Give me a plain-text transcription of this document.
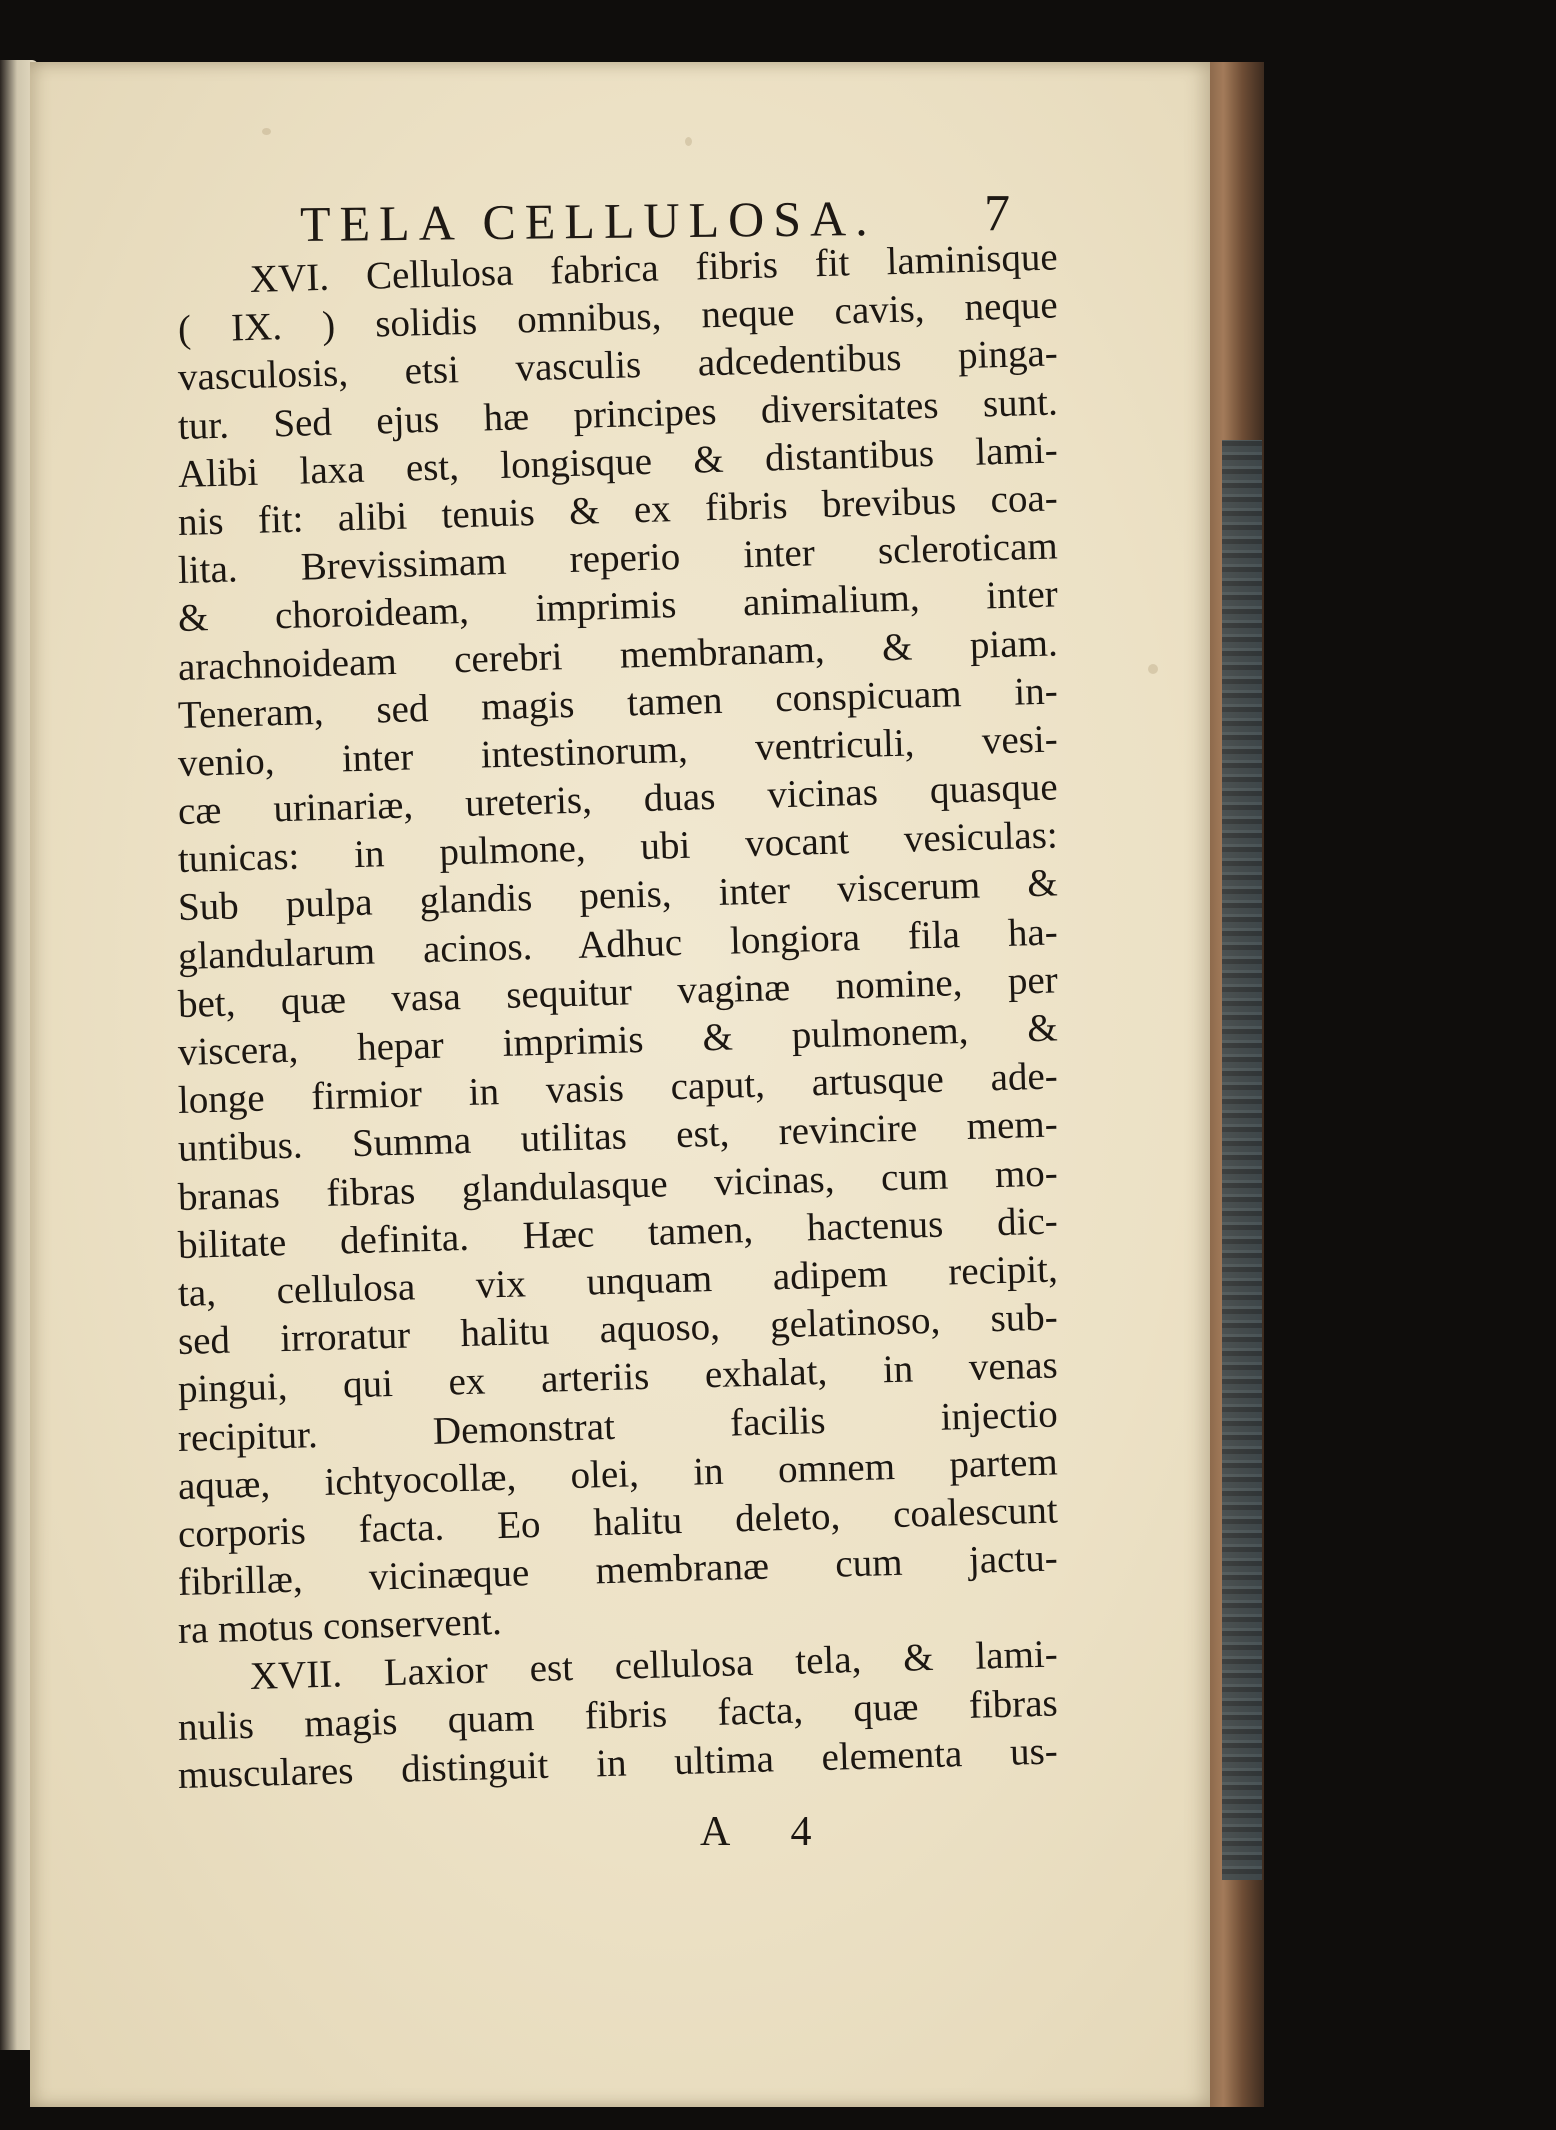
TELA CELLULOSA. 7
XVI. Cellulosa fabrica fibris fit laminisque
( IX. ) solidis omnibus, neque cavis, neque
vasculosis, etsi vasculis adcedentibus pinga-
tur. Sed ejus hæ principes diversitates sunt.
Alibi laxa est, longisque & distantibus lami-
nis fit: alibi tenuis & ex fibris brevibus coa-
lita. Brevissimam reperio inter scleroticam
& choroideam, imprimis animalium, inter
arachnoideam cerebri membranam, & piam.
Teneram, sed magis tamen conspicuam in-
venio, inter intestinorum, ventriculi, vesi-
cæ urinariæ, ureteris, duas vicinas quasque
tunicas: in pulmone, ubi vocant vesiculas:
Sub pulpa glandis penis, inter viscerum &
glandularum acinos. Adhuc longiora fila ha-
bet, quæ vasa sequitur vaginæ nomine, per
viscera, hepar imprimis & pulmonem, &
longe firmior in vasis caput, artusque ade-
untibus. Summa utilitas est, revincire mem-
branas fibras glandulasque vicinas, cum mo-
bilitate definita. Hæc tamen, hactenus dic-
ta, cellulosa vix unquam adipem recipit,
sed irroratur halitu aquoso, gelatinoso, sub-
pingui, qui ex arteriis exhalat, in venas
recipitur. Demonstrat facilis injectio
aquæ, ichtyocollæ, olei, in omnem partem
corporis facta. Eo halitu deleto, coalescunt
fibrillæ, vicinæque membranæ cum jactu-
ra motus conservent.
XVII. Laxior est cellulosa tela, & lami-
nulis magis quam fibris facta, quæ fibras
musculares distinguit in ultima elementa us-
A 4
